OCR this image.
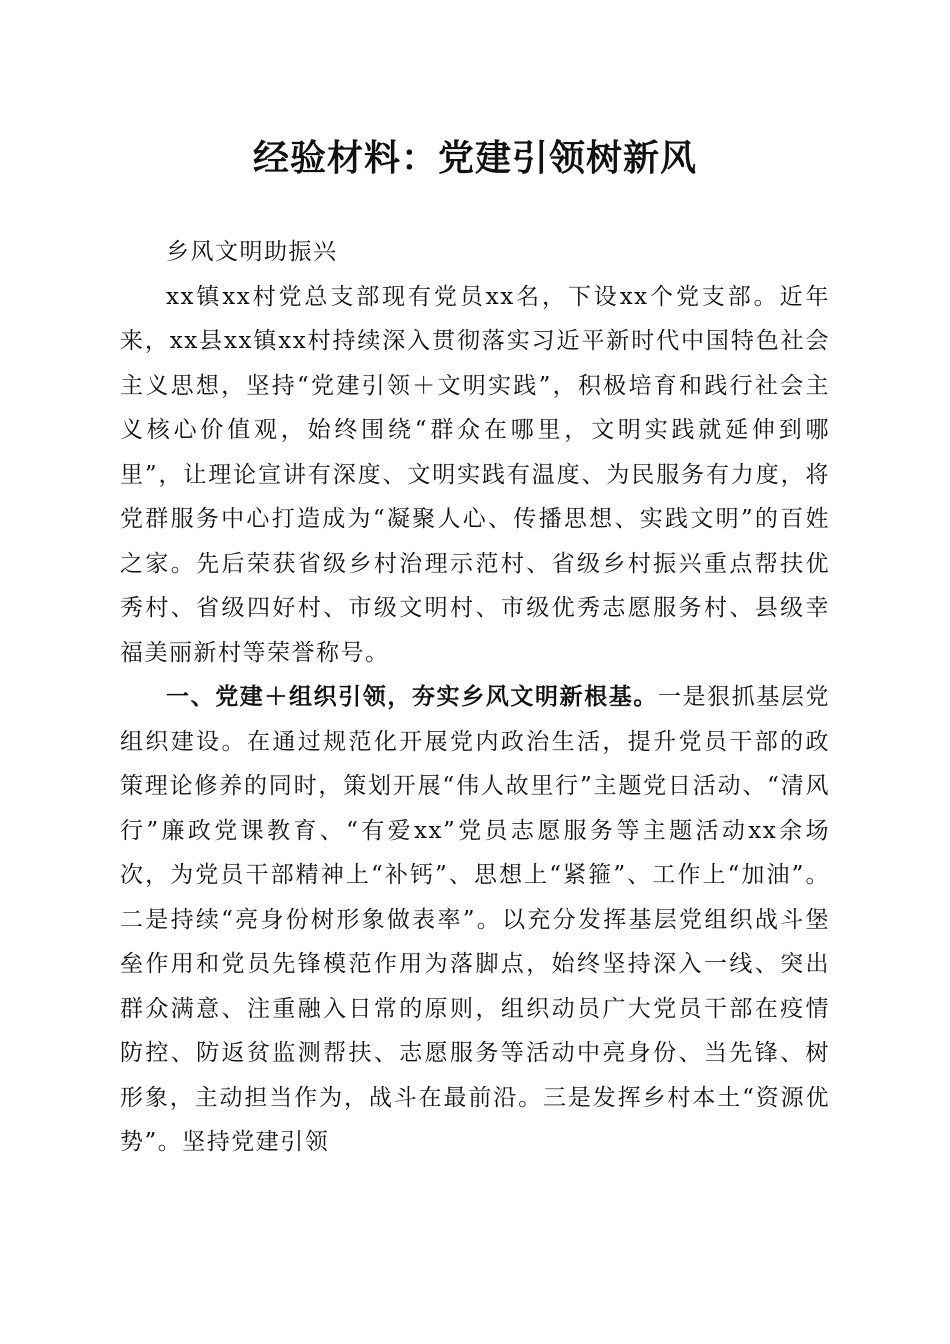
经验材料：党建引领树新风

乡风文明助振兴

xx镇xx村党总支部现有党员xx名，下设xx个党支部。近年来，xx县xx镇xx村持续深入贯彻落实习近平新时代中国特色社会主义思想，坚持“党建引领＋文明实践”，积极培育和践行社会主义核心价值观，始终围绕“群众在哪里，文明实践就延伸到哪里”，让理论宣讲有深度、文明实践有温度、为民服务有力度，将党群服务中心打造成为“凝聚人心、传播思想、实践文明”的百姓之家。先后荣获省级乡村治理示范村、省级乡村振兴重点帮扶优秀村、省级四好村、市级文明村、市级优秀志愿服务村、县级幸福美丽新村等荣誉称号。

一、党建＋组织引领，夯实乡风文明新根基。一是狠抓基层党组织建设。在通过规范化开展党内政治生活，提升党员干部的政策理论修养的同时，策划开展“伟人故里行”主题党日活动、“清风行”廉政党课教育、“有爱xx”党员志愿服务等主题活动xx余场次，为党员干部精神上“补钙”、思想上“紧箍”、工作上“加油”。二是持续“亮身份树形象做表率”。以充分发挥基层党组织战斗堡垒作用和党员先锋模范作用为落脚点，始终坚持深入一线、突出群众满意、注重融入日常的原则，组织动员广大党员干部在疫情防控、防返贫监测帮扶、志愿服务等活动中亮身份、当先锋、树形象，主动担当作为，战斗在最前沿。三是发挥乡村本土“资源优势”。坚持党建引领
